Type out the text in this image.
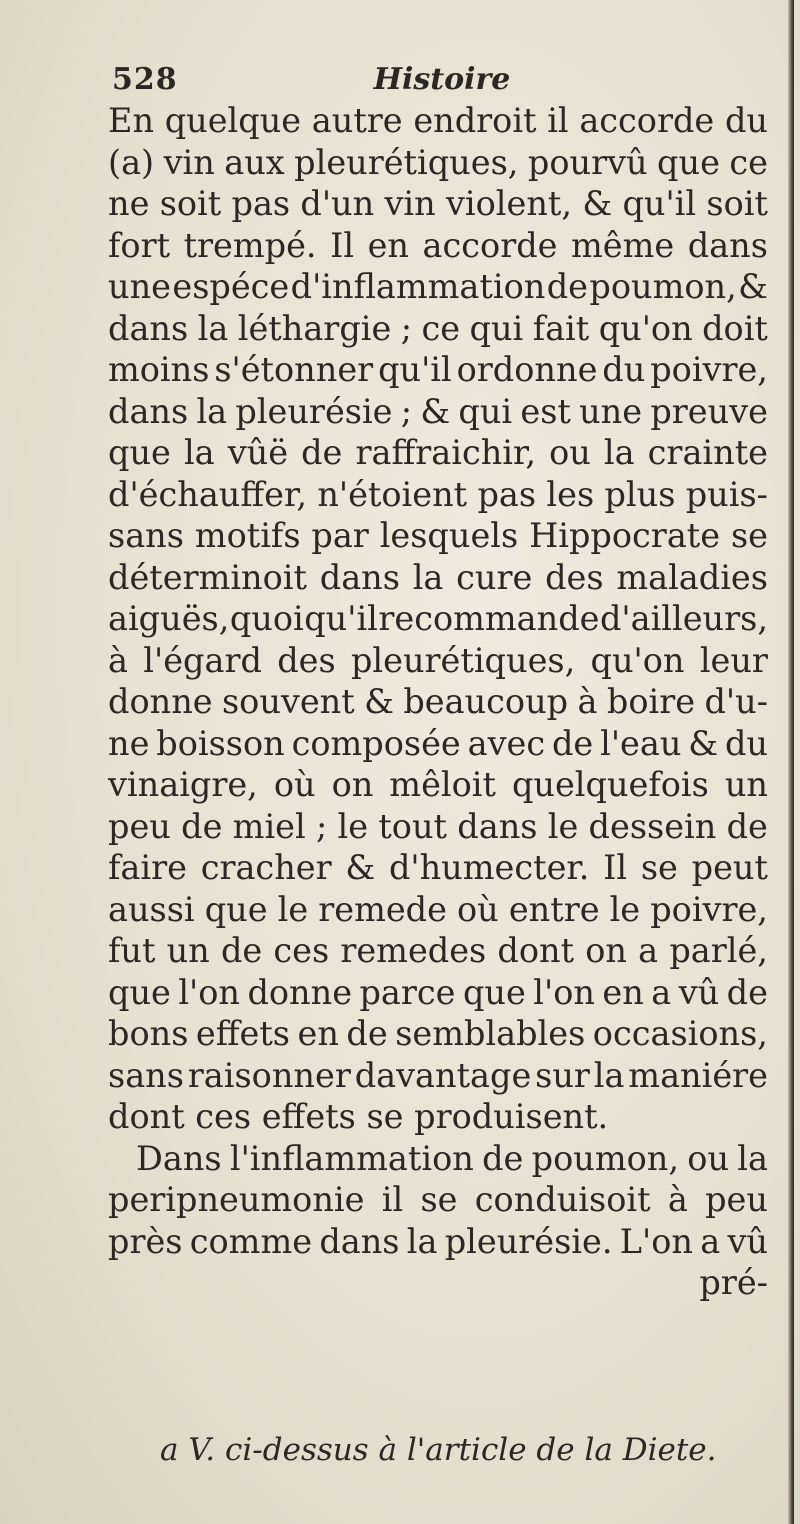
528	Histoire
En quelque autre endroit il accorde du
(a) vin aux pleurétiques, pourvû que ce
ne soit pas d'un vin violent, & qu'il soit
fort trempé. Il en accorde même dans
une espéce d'inflammation de poumon, &
dans la léthargie ; ce qui fait qu'on doit
moins s'étonner qu'il ordonne du poivre,
dans la pleurésie ; & qui est une preuve
que la vûë de raffraichir, ou la crainte
d'échauffer, n'étoient pas les plus puis-
sans motifs par lesquels Hippocrate se
déterminoit dans la cure des maladies
aiguës, quoi qu'il recommande d'ailleurs,
à l'égard des pleurétiques, qu'on leur
donne souvent & beaucoup à boire d'u-
ne boisson composée avec de l'eau & du
vinaigre, où on mêloit quelquefois un
peu de miel ; le tout dans le dessein de
faire cracher & d'humecter. Il se peut
aussi que le remede où entre le poivre,
fut un de ces remedes dont on a parlé,
que l'on donne parce que l'on en a vû de
bons effets en de semblables occasions,
sans raisonner davantage sur la maniére
dont ces effets se produisent.
Dans l'inflammation de poumon, ou la
peripneumonie il se conduisoit à peu
près comme dans la pleurésie. L'on a vû
pré-
a V. ci-dessus à l'article de la Diete.
